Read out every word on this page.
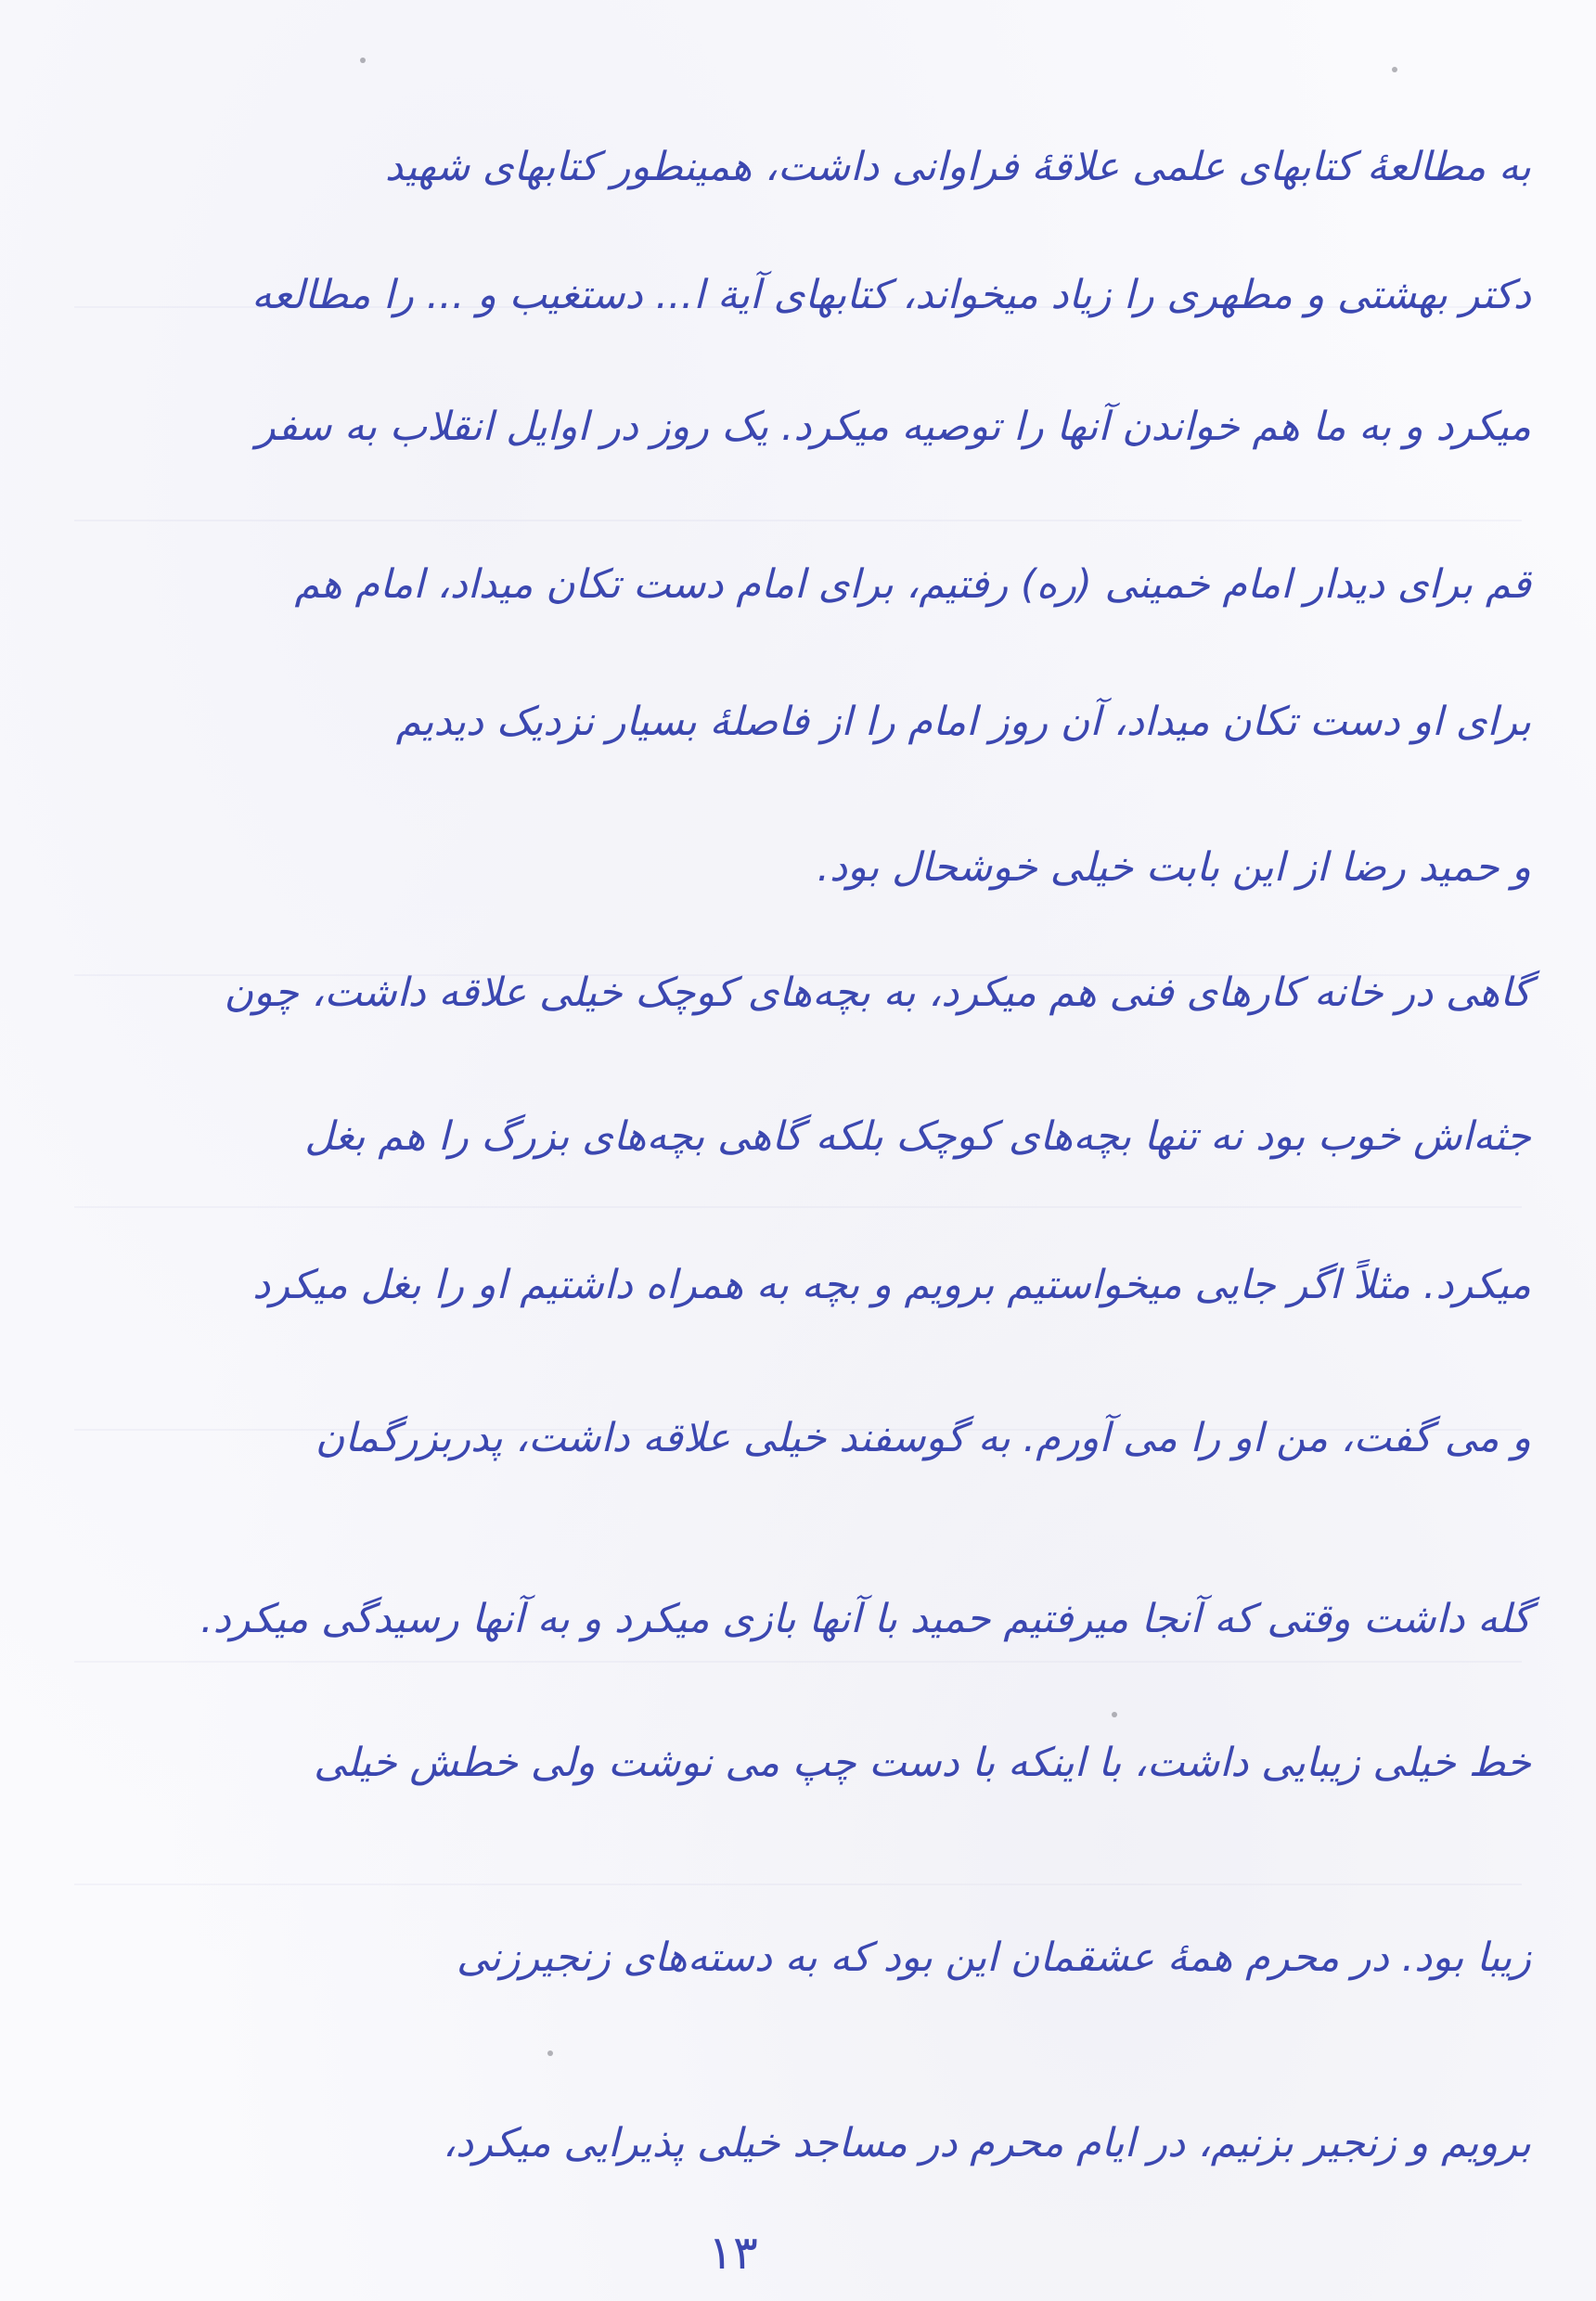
به مطالعهٔ کتابهای علمی علاقهٔ فراوانی داشت، همینطور کتابهای شهید
دکتر بهشتی و مطهری را زیاد میخواند، کتابهای آیة ا... دستغیب و ... را مطالعه
میکرد و به ما هم خواندن آنها را توصیه میکرد. یک روز در اوایل انقلاب به سفر
قم برای دیدار امام خمینی (ره) رفتیم، برای امام دست تکان میداد، امام هم
برای او دست تکان میداد، آن روز امام را از فاصلهٔ بسیار نزدیک دیدیم
و حمید رضا از این بابت خیلی خوشحال بود.
گاهی در خانه کارهای فنی هم میکرد، به بچه‌های کوچک خیلی علاقه داشت، چون
جثه‌اش خوب بود نه تنها بچه‌های کوچک بلکه گاهی بچه‌های بزرگ را هم بغل
میکرد. مثلاً اگر جایی میخواستیم برویم و بچه به همراه داشتیم او را بغل میکرد
و می گفت، من او را می آورم. به گوسفند خیلی علاقه داشت، پدربزرگمان
گله داشت وقتی که آنجا میرفتیم حمید با آنها بازی میکرد و به آنها رسیدگی میکرد.
خط خیلی زیبایی داشت، با اینکه با دست چپ می نوشت ولی خطش خیلی
زیبا بود. در محرم همهٔ عشقمان این بود که به دسته‌های زنجیرزنی
برویم و زنجیر بزنیم، در ایام محرم در مساجد خیلی پذیرایی میکرد،
۱۳
